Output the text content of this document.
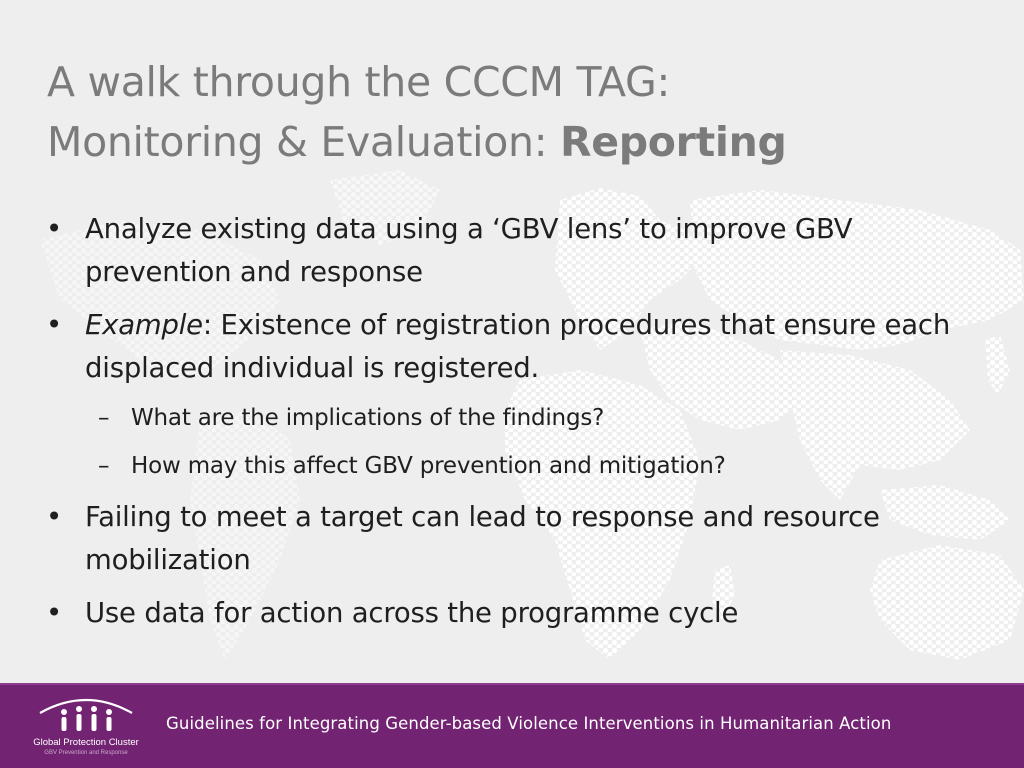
A walk through the CCCM TAG:
Monitoring & Evaluation: Reporting
• Analyze existing data using a ‘GBV lens’ to improve GBV prevention and response
• Example: Existence of registration procedures that ensure each displaced individual is registered.
– What are the implications of the findings?
– How may this affect GBV prevention and mitigation?
• Failing to meet a target can lead to response and resource mobilization
• Use data for action across the programme cycle
Global Protection Cluster
GBV Prevention and Response
Guidelines for Integrating Gender-based Violence Interventions in Humanitarian Action
